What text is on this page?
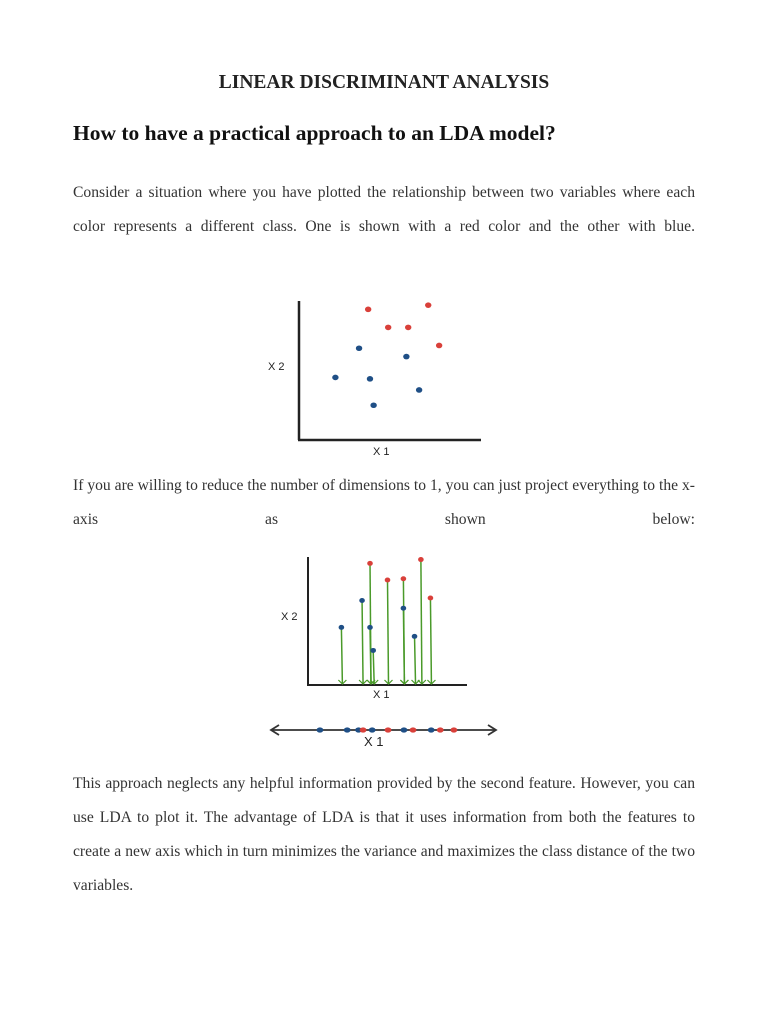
LINEAR DISCRIMINANT ANALYSIS
How to have a practical approach to an LDA model?
Consider a situation where you have plotted the relationship between two variables where each color represents a different class. One is shown with a red color and the other with blue.
If you are willing to reduce the number of dimensions to 1, you can just project everything to the x-axis as shown below:
This approach neglects any helpful information provided by the second feature. However, you can use LDA to plot it. The advantage of LDA is that it uses information from both the features to create a new axis which in turn minimizes the variance and maximizes the class distance of the two variables.
X 2
X 1
X 2
X 1
X 1
